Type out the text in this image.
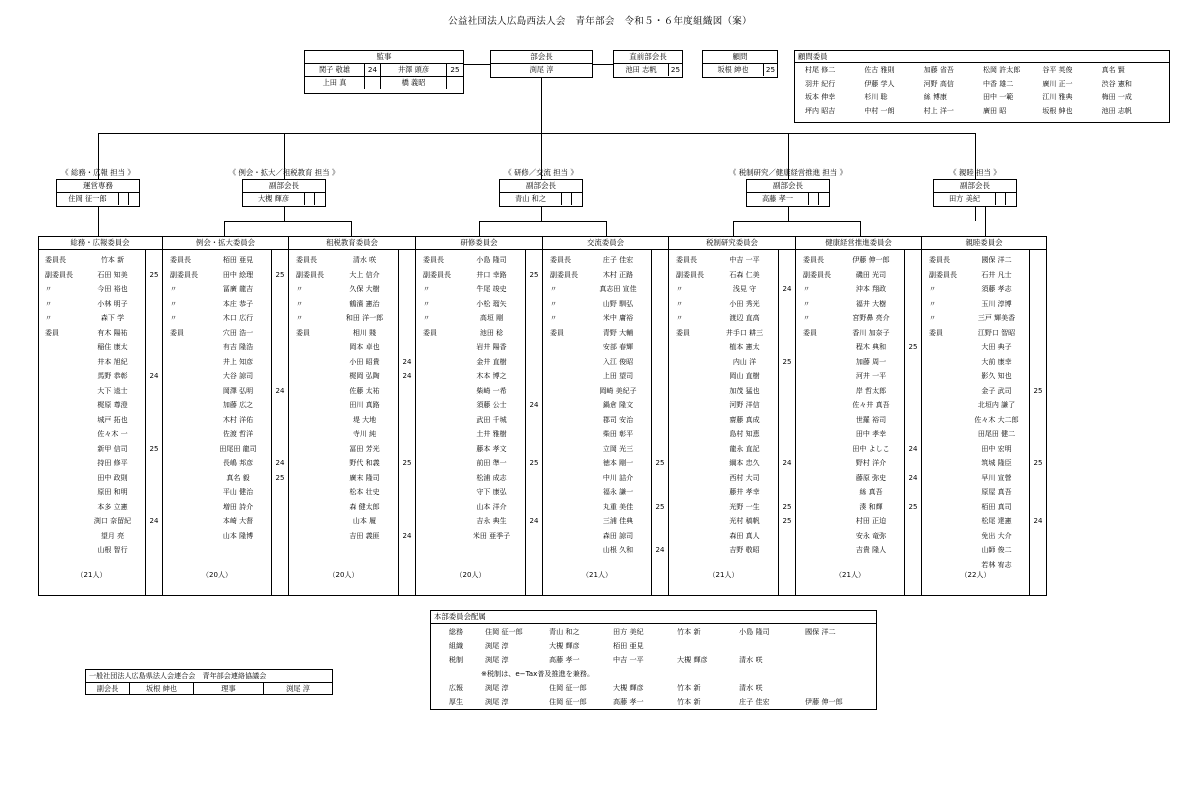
公益社団法人広島西法人会　青年部会　令和５・６年度組織図（案）
監事
関子 敬雄	24	井澤 頭彦	25
上田 真	橋 義昭
部会長
渕尾 淳
直前部会長
池田 志帆	25
顧問
坂根 紳也	25
顧問委員
村尾 修二	佐古 雅則	加藤 省吾	松岡 許太郎	谷平 英俊	真名 賢
羽井 紀行	伊藤 学人	河野 高信	中香 雄二	廣川 正一	渋谷 憲和
坂本 伸幸	杉川 聡	絲 博康	田中 一範	江川 雅典	梅田 一成
坪内 昭吉	中村 一朗	村上 洋一	廣田 昭	坂根 紳也	池田 志帆
《 総務・広報 担当 》
運営専務
住岡 征一郎
《 例会・拡大／租税教育 担当 》
副部会長
大槻 輝彦
《 研修／交流 担当 》
副部会長
青山 和之
《 税制研究／健康経営推進 担当 》
副部会長
高藤 孝一
《 親睦 担当 》
副部会長
田方 美紀
総務・広報委員会
委員長	竹本 新
副委員長	石田 知美	25
〃	今田 裕也
〃	小林 明子
〃	森下 学
委員	有木 陽祐
稲住 康太
井本 旭紀
馬野 恭彰	24
大下 逵士
梶原 尊澄
城戸 拓也
佐々木 一
新甲 信司	25
持田 修平
田中 政則
原田 和明
本多 立憲
渕口 奈留紀	24
望月 亮
山根 智行
（21人）
例会・拡大委員会
委員長	栢田 亜見
副委員長	田中 絵理	25
〃	冨廣 龍吉
〃	本庄 恭子
〃	木口 広行
委員	穴田 浩一
有吉 隆浩
井上 知彦
大谷 諒司
岡澤 弘明	24
加藤 広之
木村 洋佑
佐渡 哲洋
田尾田 龍司
長嶋 邦彦	24
真名 毅	25
平山 健治
増田 詩介
本崎 大督
山本 隆博
（20人）
租税教育委員会
委員長	清水 咲
副委員長	大上 信介
〃	久保 大樹
〃	鶴濱 憲治
〃	和田 洋一郎
委員	相川 賤
岡本 卓也
小田 昭貴	24
梶岡 弘陶	24
佐藤 太祐
田川 真路
堤 大地
寺川 純
冨田 芳光
野代 和義	25
廣末 隆司
松本 壮史
森 健太郎
山本 履
吉田 義匪	24
（20人）
研修委員会
委員長	小島 隆司
副委員長	井口 幸路	25
〃	牛尾 竣史
〃	小松 瑠矢
〃	高垣 剛
委員	池田 稔
岩井 陽香
金井 直樹
木本 博之
柴崎 一希
須藤 公士	24
武田 千城
土井 雅樹
藤本 孝文
前田 準一	25
松浦 成志
守下 康弘
山本 洋介
吉永 典生	24
米田 亜季子
（20人）
交流委員会
委員長	庄子 佳宏
副委員長	木村 正路
〃	真志田 宣佳
〃	山野 馴弘
〃	米中 庸裕
委員	青野 大輔
安部 春輝
入江 俊昭
上田 望司
岡崎 美紀子
鍋倉 隆文
郡司 安治
柴田 彰平
立岡 光三
徳本 剛一	25
中川 詰介
福永 謙一
丸重 美佳	25
三浦 佳典
森田 諒司
山根 久和	24
（21人）
税制研究委員会
委員長	中吉 一平
副委員長	石森 仁美
〃	浅見 守	24
〃	小田 秀光
〃	渡辺 直高
委員	井手口 耕三
植本 憲太
内山 洋	25
岡山 直樹
加茂 猛也
河野 洋信
齋藤 真成
島村 知恵
龍永 直記
綱本 忠久	24
西村 大司
藤井 孝幸
光野 一生	25
光村 稿帆	25
森田 真人
吉野 敬昭
（21人）
健康経営推進委員会
委員長	伊藤 伸一郎
副委員長	磯田 光司
〃	沖本 翔政
〃	福井 大樹
〃	宮野鼻 亮介
委員	香川 加奈子
程木 典和	25
加藤 周一
河井 一平
岸 哲太郎
佐々井 真吾
世羅 裕司
田中 孝幸
田中 よしこ	24
野村 洋介
藤原 弥史	24
絲 真吾
湊 和輝	25
村田 正迫
安永 竜弥
吉貴 隆人
（21人）
親睦委員会
委員長	國保 洋二
副委員長	石井 凡士
〃	須藤 孝志
〃	玉川 淳博
〃	三戸 輝美香
委員	江野口 智昭
大田 典子
大前 康幸
影久 知也
金子 武司	25
北垣内 謙了
佐々木 大二郎
田尾田 健二
田中 宏明
筑城 隆臣	25
早川 宣營
原屋 真吾
栢田 真司
松尾 達憲	24
免出 大介
山師 俊二
若林 宥志
（22人）
本部委員会配属
総務	住岡 征一郎	青山 和之	田方 美紀	竹本 新	小島 隆司	國保 洋二
組織	渕尾 淳	大槻 輝彦	栢田 亜見
税制	渕尾 淳	高藤 孝一	中吉 一平	大槻 輝彦	清水 咲
※税制は、e−Tax普及推進を兼務。
広報	渕尾 淳	住岡 征一郎	大槻 輝彦	竹本 新	清水 咲
厚生	渕尾 淳	住岡 征一郎	高藤 孝一	竹本 新	庄子 佳宏	伊藤 伸一郎
一般社団法人広島県法人会連合会　青年部会連絡協議会
副会長	坂根 紳也	理事	渕尾 淳
